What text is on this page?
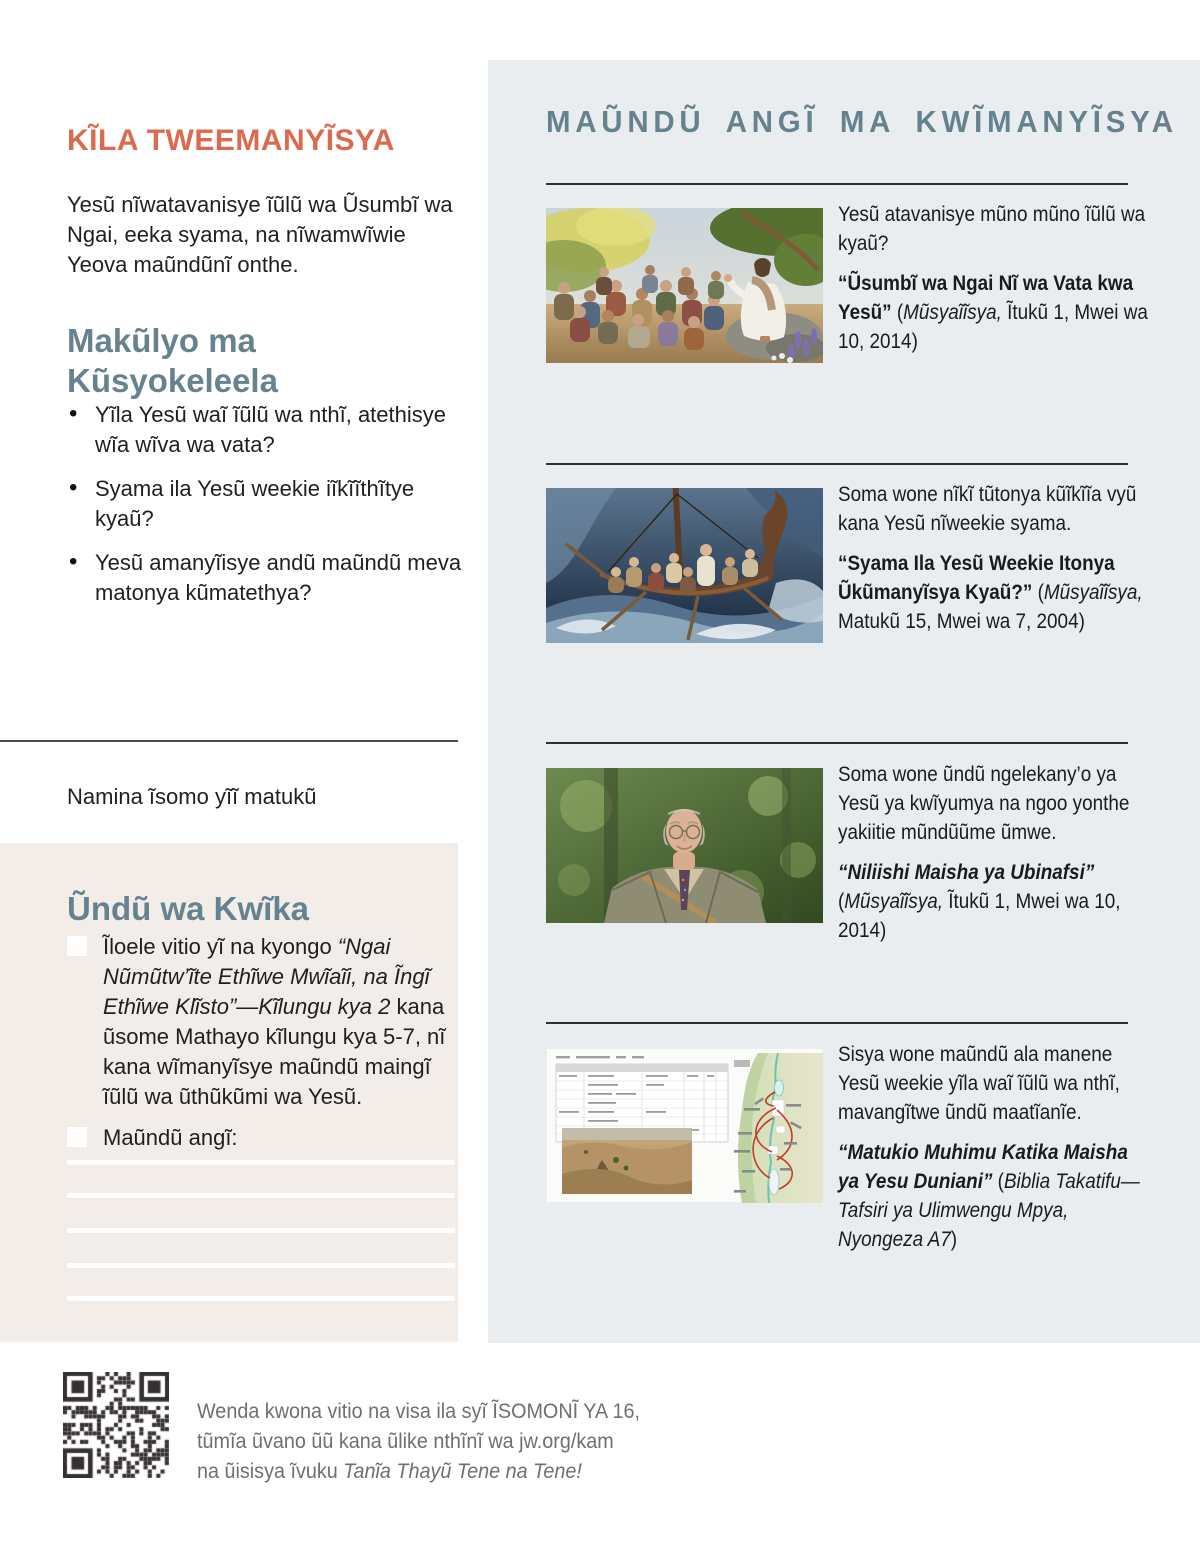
KĨLA TWEEMANYĨSYA

Yesũ nĩwatavanisye ĩũlũ wa Ũsumbĩ wa Ngai, eeka syama, na nĩwamwĩwie Yeova maũndũnĩ onthe.

Makũlyo ma Kũsyokeleela
• Yĩla Yesũ waĩ ĩũlũ wa nthĩ, atethisye wĩa wĩva wa vata?
• Syama ila Yesũ weekie iĩkĩĩthĩtye kyaũ?
• Yesũ amanyĩisye andũ maũndũ meva matonya kũmatethya?

Namina ĩsomo yĩĩ matukũ

Ũndũ wa Kwĩka
Ĩloele vitio yĩ na kyongo “Ngai Nũmũtw’ĩte Ethĩwe Mwĩaĩi, na Ĩngĩ Ethĩwe Klĩsto”—Kĩlungu kya 2 kana ũsome Mathayo kĩlungu kya 5-7, nĩ kana wĩmanyĩsye maũndũ maingĩ ĩũlũ wa ũthũkũmi wa Yesũ.
Maũndũ angĩ:
MAŨNDŨ ANGĨ MA KWĨMANYĨSYA

Yesũ atavanisye mũno mũno ĩũlũ wa kyaũ?

“Ũsumbĩ wa Ngai Nĩ wa Vata kwa Yesũ” (Mũsyaĩĩsya, Ĩtukũ 1, Mwei wa 10, 2014)

Soma wone nĩkĩ tũtonya kũĩkĩĩa vyũ kana Yesũ nĩweekie syama.

“Syama Ila Yesũ Weekie Itonya Ũkũmanyĩsya Kyaũ?” (Mũsyaĩĩsya, Matukũ 15, Mwei wa 7, 2004)

Soma wone ũndũ ngelekany’o ya Yesũ ya kwĩyumya na ngoo yonthe yakiitie mũndũũme ũmwe.

“Niliishi Maisha ya Ubinafsi” (Mũsyaĩĩsya, Ĩtukũ 1, Mwei wa 10, 2014)

Sisya wone maũndũ ala manene Yesũ weekie yĩla waĩ ĩũlũ wa nthĩ, mavangĩtwe ũndũ maatĩanĩe.

“Matukio Muhimu Katika Maisha ya Yesu Duniani” (Biblia Takatifu—Tafsiri ya Ulimwengu Mpya, Nyongeza A7)

Wenda kwona vitio na visa ila syĩ ĨSOMONĨ YA 16,
tũmĩa ũvano ũũ kana ũlike nthĩnĩ wa jw.org/kam
na ũisisya ĩvuku Tanĩa Thayũ Tene na Tene!
